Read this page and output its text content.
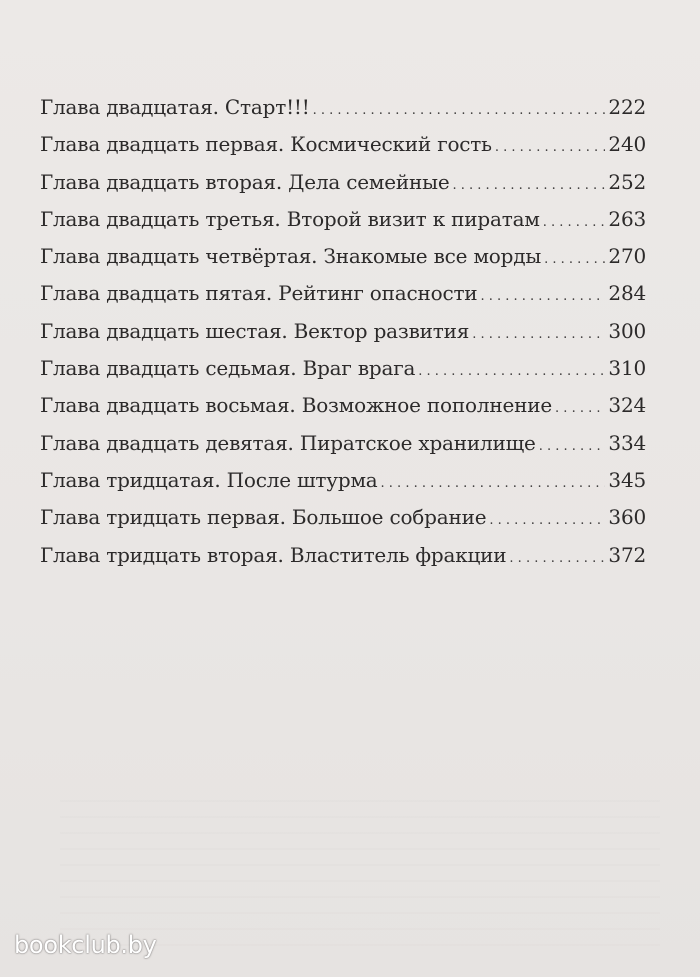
Глава двадцатая. Старт!!! . . .	222
Глава двадцать первая. Космический гость . . .	240
Глава двадцать вторая. Дела семейные . . .	252
Глава двадцать третья. Второй визит к пиратам . . .	263
Глава двадцать четвёртая. Знакомые все морды . . .	270
Глава двадцать пятая. Рейтинг опасности . . .	284
Глава двадцать шестая. Вектор развития . . .	300
Глава двадцать седьмая. Враг врага . . .	310
Глава двадцать восьмая. Возможное пополнение . . .	324
Глава двадцать девятая. Пиратское хранилище . . .	334
Глава тридцатая. После штурма . . .	345
Глава тридцать первая. Большое собрание . . .	360
Глава тридцать вторая. Властитель фракции . . .	372
bookclub.by
